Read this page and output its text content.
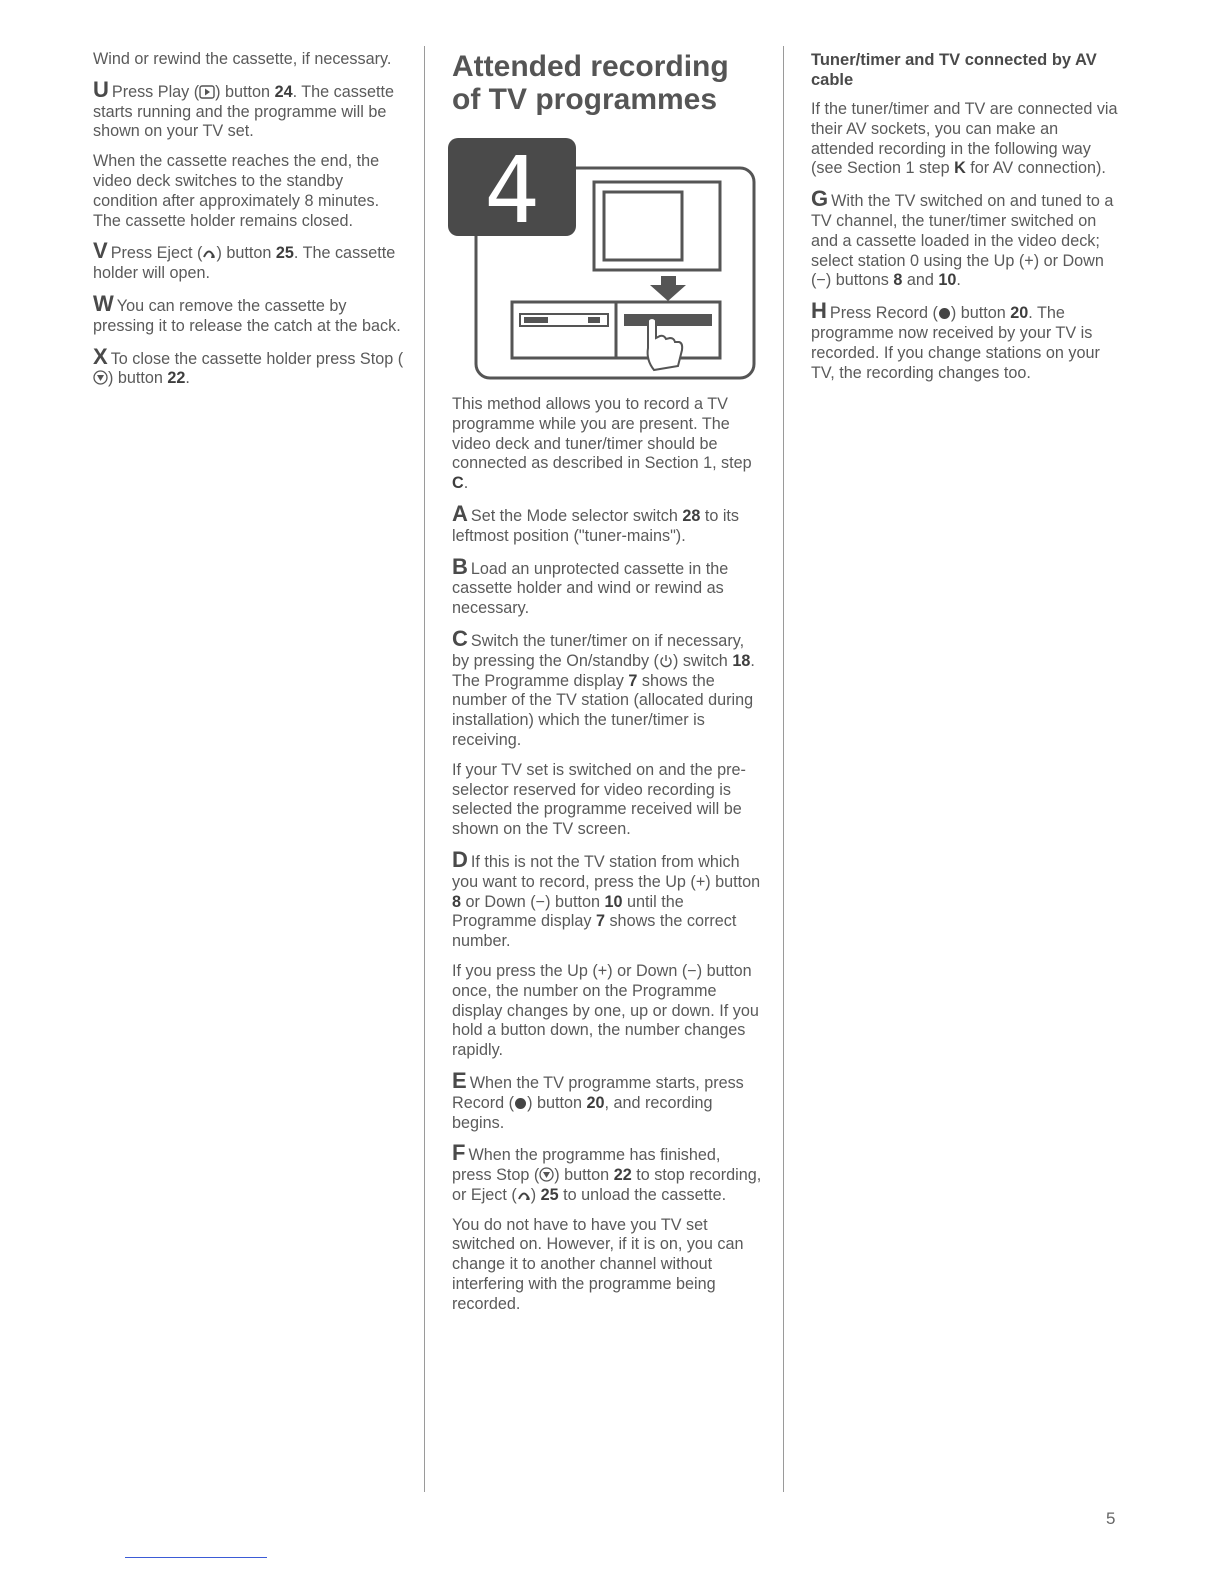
Wind or rewind the cassette, if necessary.

U Press Play ( ) button 24. The cassette starts running and the programme will be shown on your TV set.

When the cassette reaches the end, the video deck switches to the standby condition after approximately 8 minutes. The cassette holder remains closed.

V Press Eject ( ) button 25. The cassette holder will open.

W You can remove the cassette by pressing it to release the catch at the back.

X To close the cassette holder press Stop () button 22.

Attended recording
of TV programmes
4

This method allows you to record a TV programme while you are present. The video deck and tuner/timer should be connected as described in Section 1, step C.

A Set the Mode selector switch 28 to its leftmost position ("tuner-mains").

B Load an unprotected cassette in the cassette holder and wind or rewind as necessary.

C Switch the tuner/timer on if necessary, by pressing the On/standby ( ) switch 18. The Programme display 7 shows the number of the TV station (allocated during installation) which the tuner/timer is receiving.

If your TV set is switched on and the pre-selector reserved for video recording is selected the programme received will be shown on the TV screen.

D If this is not the TV station from which you want to record, press the Up (+) button 8 or Down (−) button 10 until the Programme display 7 shows the correct number.

If you press the Up (+) or Down (−) button once, the number on the Programme display changes by one, up or down. If you hold a button down, the number changes rapidly.

E When the TV programme starts, press Record ( ) button 20, and recording begins.

F When the programme has finished, press Stop ( ) button 22 to stop recording, or Eject ( ) 25 to unload the cassette.

You do not have to have you TV set switched on. However, if it is on, you can change it to another channel without interfering with the programme being recorded.

Tuner/timer and TV connected by AV cable

If the tuner/timer and TV are connected via their AV sockets, you can make an attended recording in the following way (see Section 1 step K for AV connection).

G With the TV switched on and tuned to a TV channel, the tuner/timer switched on and a cassette loaded in the video deck; select station 0 using the Up (+) or Down (−) buttons 8 and 10.

H Press Record ( ) button 20. The programme now received by your TV is recorded. If you change stations on your TV, the recording changes too.

5
